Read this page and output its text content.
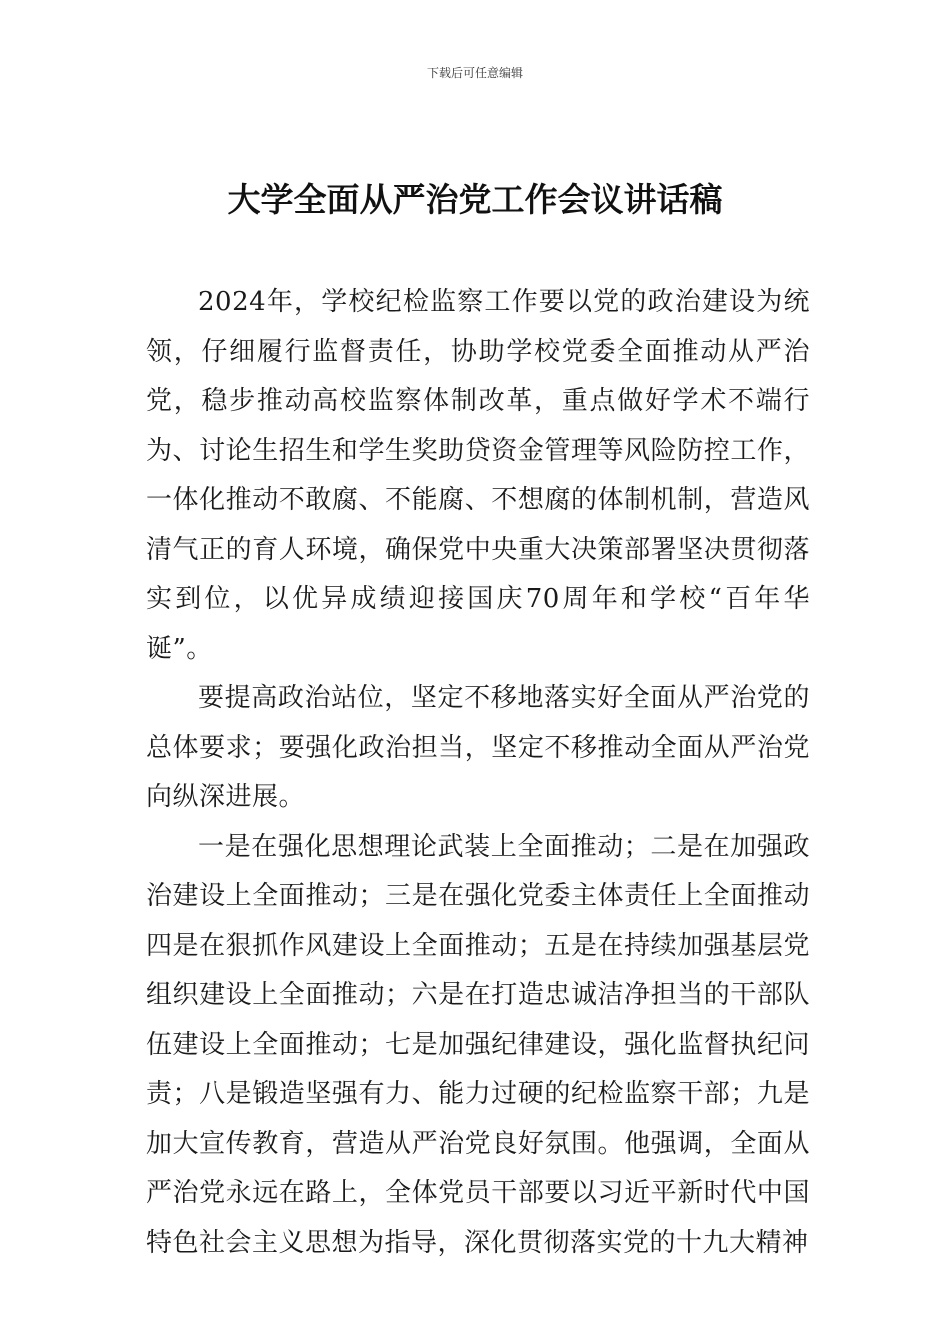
下载后可任意编辑
大学全面从严治党工作会议讲话稿

2024年，学校纪检监察工作要以党的政治建设为统领，仔细履行监督责任，协助学校党委全面推动从严治党，稳步推动高校监察体制改革，重点做好学术不端行为、讨论生招生和学生奖助贷资金管理等风险防控工作，一体化推动不敢腐、不能腐、不想腐的体制机制，营造风清气正的育人环境，确保党中央重大决策部署坚决贯彻落实到位，以优异成绩迎接国庆70周年和学校“百年华诞”。

要提高政治站位，坚定不移地落实好全面从严治党的总体要求；要强化政治担当，坚定不移推动全面从严治党向纵深进展。

一是在强化思想理论武装上全面推动；二是在加强政治建设上全面推动；三是在强化党委主体责任上全面推动四是在狠抓作风建设上全面推动；五是在持续加强基层党组织建设上全面推动；六是在打造忠诚洁净担当的干部队伍建设上全面推动；七是加强纪律建设，强化监督执纪问责；八是锻造坚强有力、能力过硬的纪检监察干部；九是加大宣传教育，营造从严治党良好氛围。他强调，全面从严治党永远在路上，全体党员干部要以习近平新时代中国特色社会主义思想为指导，深化贯彻落实党的十九大精神
